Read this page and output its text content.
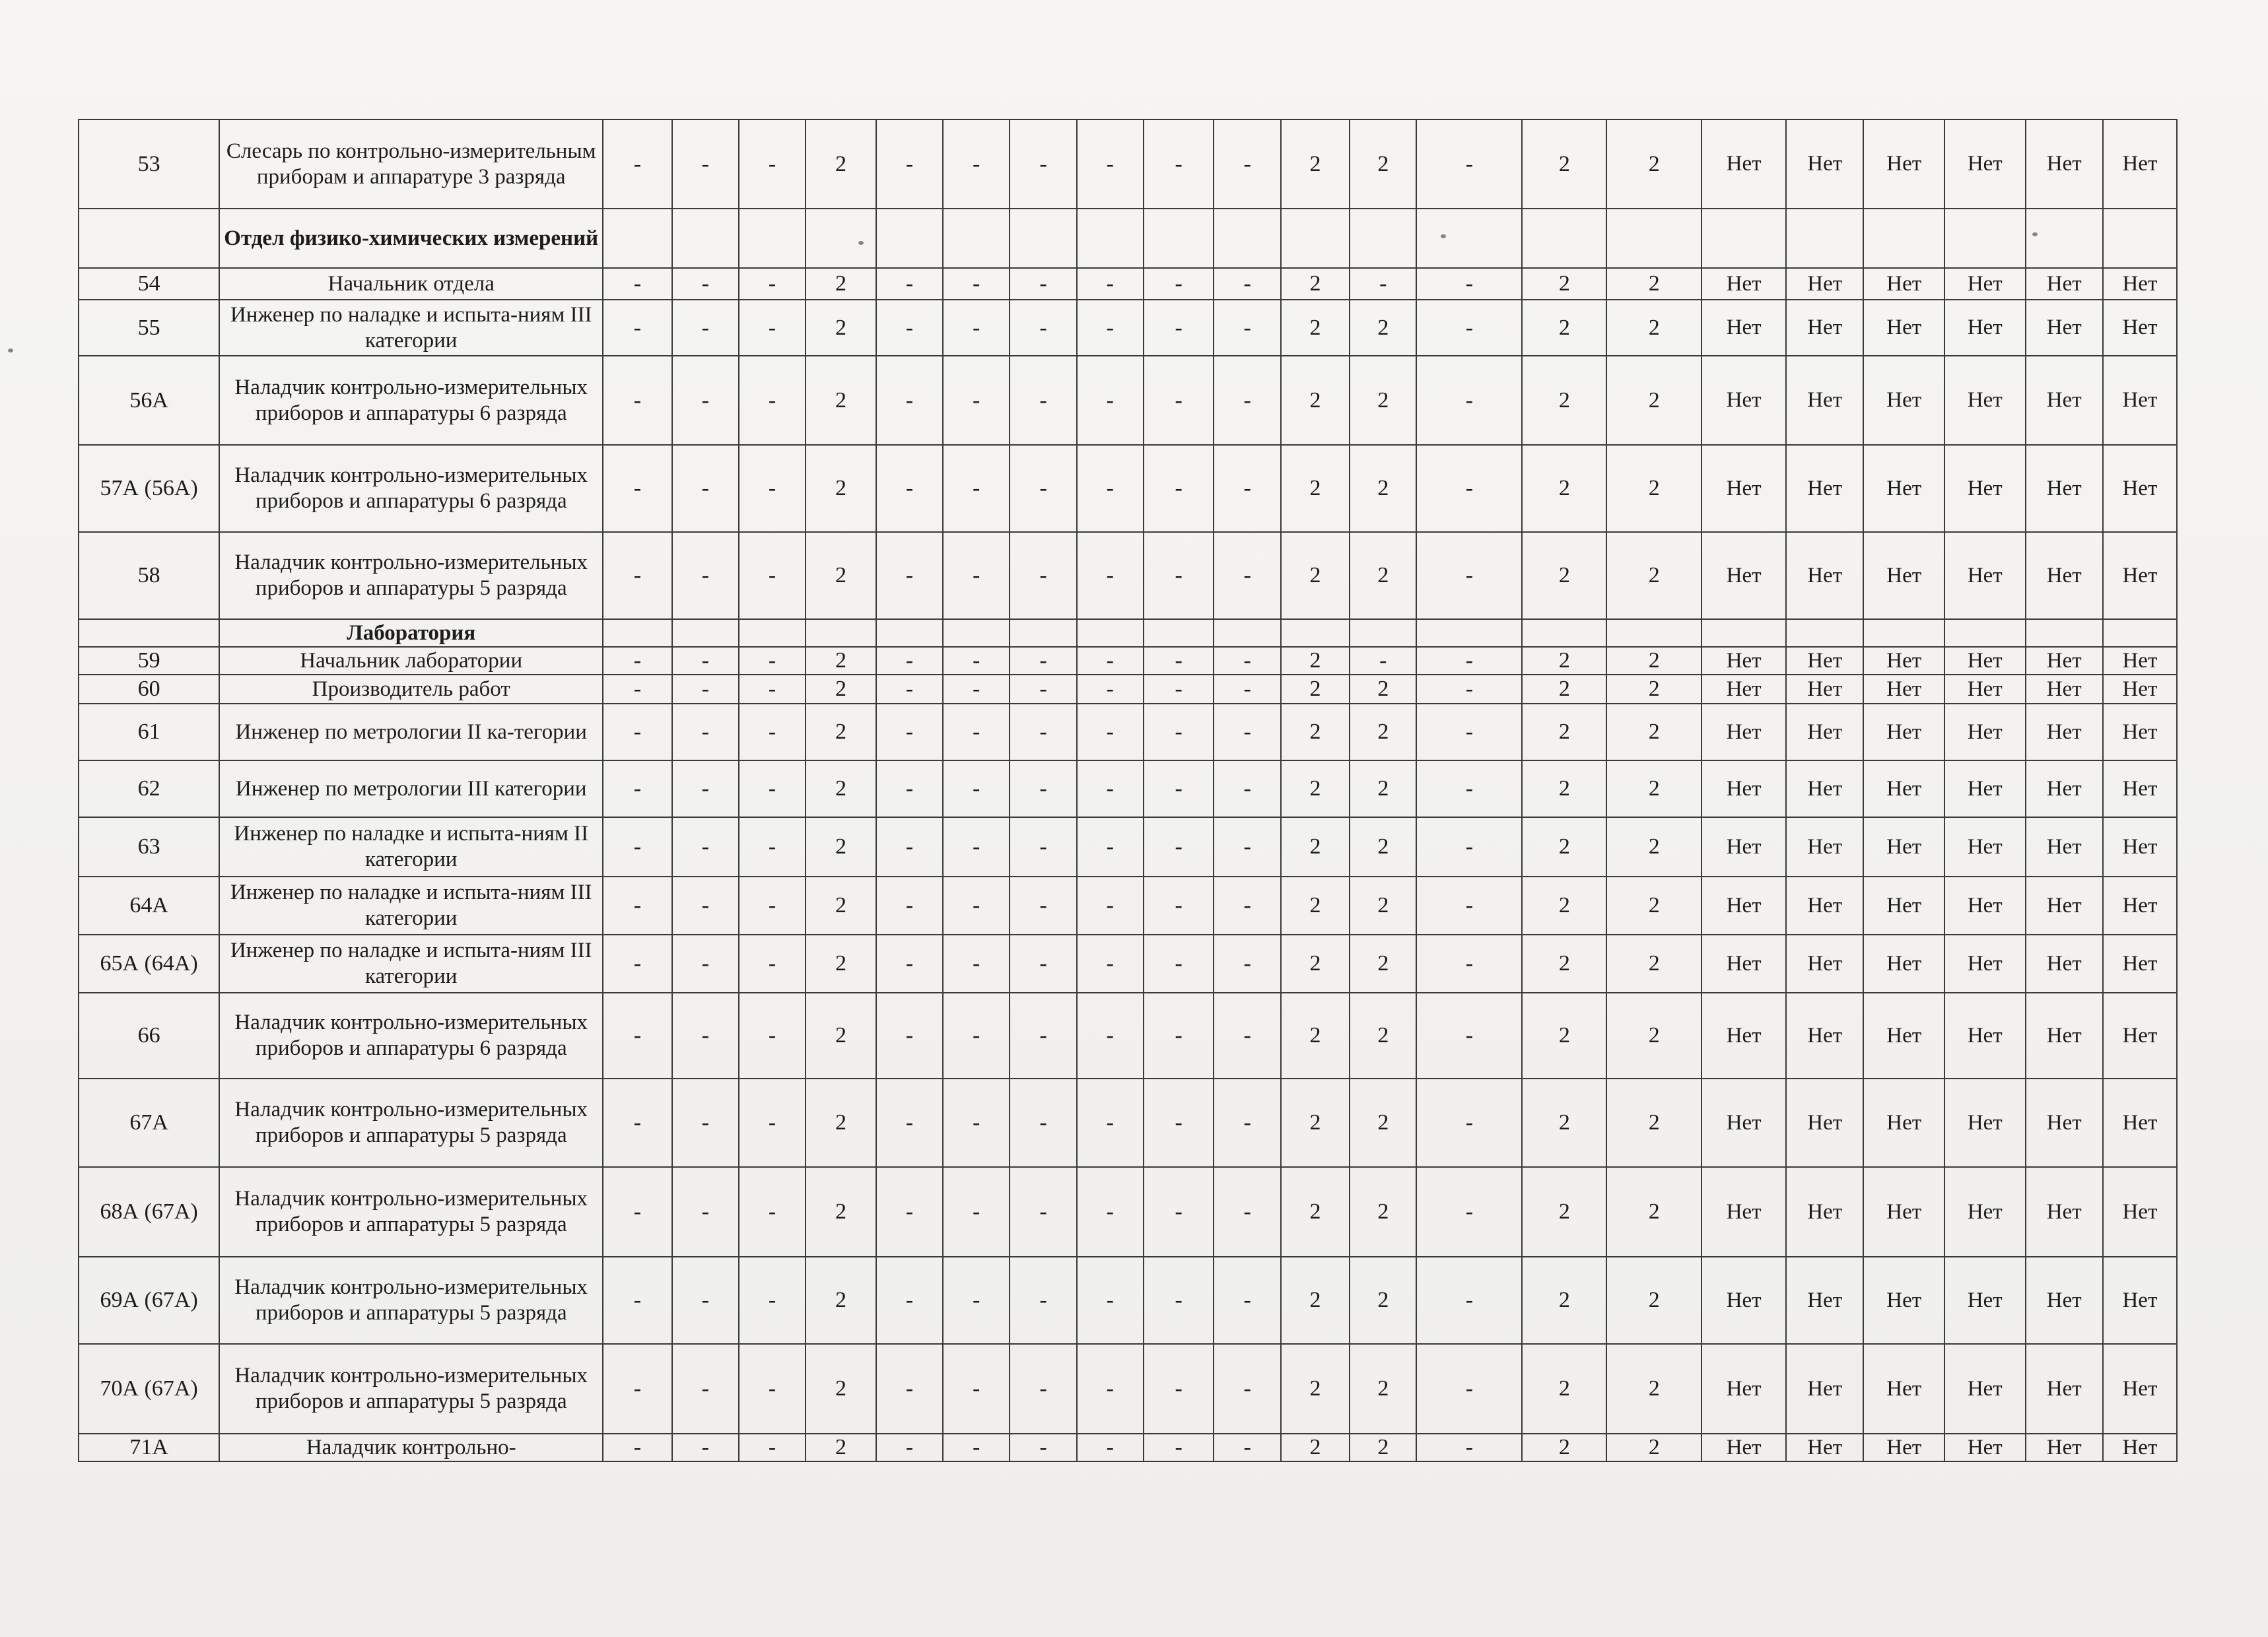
53	Слесарь по контрольно-измерительным приборам и аппаратуре 3 разряда	-	-	-	2	-	-	-	-	-	-	2	2	-	2	2	Нет	Нет	Нет	Нет	Нет	Нет
	Отдел физико-химических измерений																					
54	Начальник отдела	-	-	-	2	-	-	-	-	-	-	2	-	-	2	2	Нет	Нет	Нет	Нет	Нет	Нет
55	Инженер по наладке и испыта-ниям III категории	-	-	-	2	-	-	-	-	-	-	2	2	-	2	2	Нет	Нет	Нет	Нет	Нет	Нет
56А	Наладчик контрольно-измерительных приборов и аппаратуры 6 разряда	-	-	-	2	-	-	-	-	-	-	2	2	-	2	2	Нет	Нет	Нет	Нет	Нет	Нет
57А (56А)	Наладчик контрольно-измерительных приборов и аппаратуры 6 разряда	-	-	-	2	-	-	-	-	-	-	2	2	-	2	2	Нет	Нет	Нет	Нет	Нет	Нет
58	Наладчик контрольно-измерительных приборов и аппаратуры 5 разряда	-	-	-	2	-	-	-	-	-	-	2	2	-	2	2	Нет	Нет	Нет	Нет	Нет	Нет
	Лаборатория																					
59	Начальник лаборатории	-	-	-	2	-	-	-	-	-	-	2	-	-	2	2	Нет	Нет	Нет	Нет	Нет	Нет
60	Производитель работ	-	-	-	2	-	-	-	-	-	-	2	2	-	2	2	Нет	Нет	Нет	Нет	Нет	Нет
61	Инженер по метрологии II ка-тегории	-	-	-	2	-	-	-	-	-	-	2	2	-	2	2	Нет	Нет	Нет	Нет	Нет	Нет
62	Инженер по метрологии III категории	-	-	-	2	-	-	-	-	-	-	2	2	-	2	2	Нет	Нет	Нет	Нет	Нет	Нет
63	Инженер по наладке и испыта-ниям II категории	-	-	-	2	-	-	-	-	-	-	2	2	-	2	2	Нет	Нет	Нет	Нет	Нет	Нет
64А	Инженер по наладке и испыта-ниям III категории	-	-	-	2	-	-	-	-	-	-	2	2	-	2	2	Нет	Нет	Нет	Нет	Нет	Нет
65А (64А)	Инженер по наладке и испыта-ниям III категории	-	-	-	2	-	-	-	-	-	-	2	2	-	2	2	Нет	Нет	Нет	Нет	Нет	Нет
66	Наладчик контрольно-измерительных приборов и аппаратуры 6 разряда	-	-	-	2	-	-	-	-	-	-	2	2	-	2	2	Нет	Нет	Нет	Нет	Нет	Нет
67А	Наладчик контрольно-измерительных приборов и аппаратуры 5 разряда	-	-	-	2	-	-	-	-	-	-	2	2	-	2	2	Нет	Нет	Нет	Нет	Нет	Нет
68А (67А)	Наладчик контрольно-измерительных приборов и аппаратуры 5 разряда	-	-	-	2	-	-	-	-	-	-	2	2	-	2	2	Нет	Нет	Нет	Нет	Нет	Нет
69А (67А)	Наладчик контрольно-измерительных приборов и аппаратуры 5 разряда	-	-	-	2	-	-	-	-	-	-	2	2	-	2	2	Нет	Нет	Нет	Нет	Нет	Нет
70А (67А)	Наладчик контрольно-измерительных приборов и аппаратуры 5 разряда	-	-	-	2	-	-	-	-	-	-	2	2	-	2	2	Нет	Нет	Нет	Нет	Нет	Нет
71А	Наладчик контрольно-	-	-	-	2	-	-	-	-	-	-	2	2	-	2	2	Нет	Нет	Нет	Нет	Нет	Нет
